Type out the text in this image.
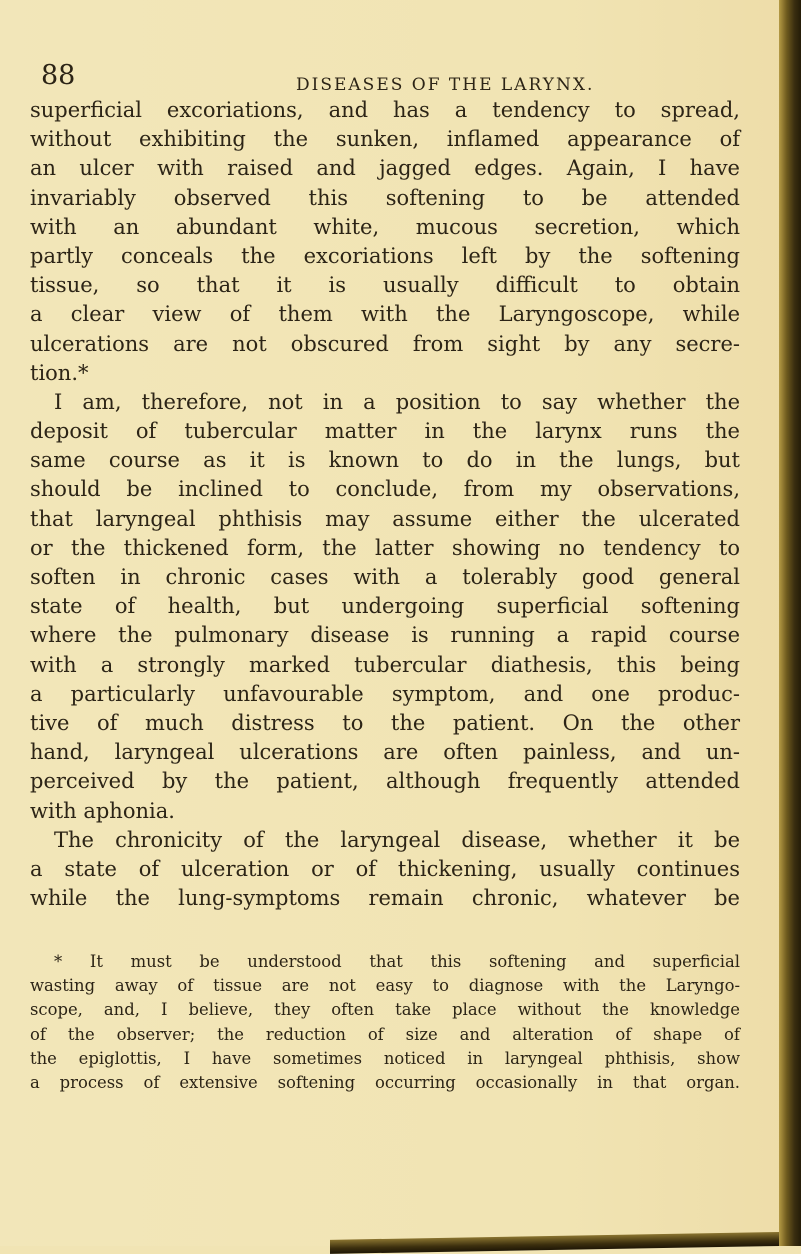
88	DISEASES OF THE LARYNX.
superficial excoriations, and has a tendency to spread,
without exhibiting the sunken, inflamed appearance of
an ulcer with raised and jagged edges. Again, I have
invariably observed this softening to be attended
with an abundant white, mucous secretion, which
partly conceals the excoriations left by the softening
tissue, so that it is usually difficult to obtain
a clear view of them with the Laryngoscope, while
ulcerations are not obscured from sight by any secre-
tion.*
I am, therefore, not in a position to say whether the
deposit of tubercular matter in the larynx runs the
same course as it is known to do in the lungs, but
should be inclined to conclude, from my observations,
that laryngeal phthisis may assume either the ulcerated
or the thickened form, the latter showing no tendency to
soften in chronic cases with a tolerably good general
state of health, but undergoing superficial softening
where the pulmonary disease is running a rapid course
with a strongly marked tubercular diathesis, this being
a particularly unfavourable symptom, and one produc-
tive of much distress to the patient. On the other
hand, laryngeal ulcerations are often painless, and un-
perceived by the patient, although frequently attended
with aphonia.
The chronicity of the laryngeal disease, whether it be
a state of ulceration or of thickening, usually continues
while the lung-symptoms remain chronic, whatever be
* It must be understood that this softening and superficial
wasting away of tissue are not easy to diagnose with the Laryngo-
scope, and, I believe, they often take place without the knowledge
of the observer; the reduction of size and alteration of shape of
the epiglottis, I have sometimes noticed in laryngeal phthisis, show
a process of extensive softening occurring occasionally in that organ.
